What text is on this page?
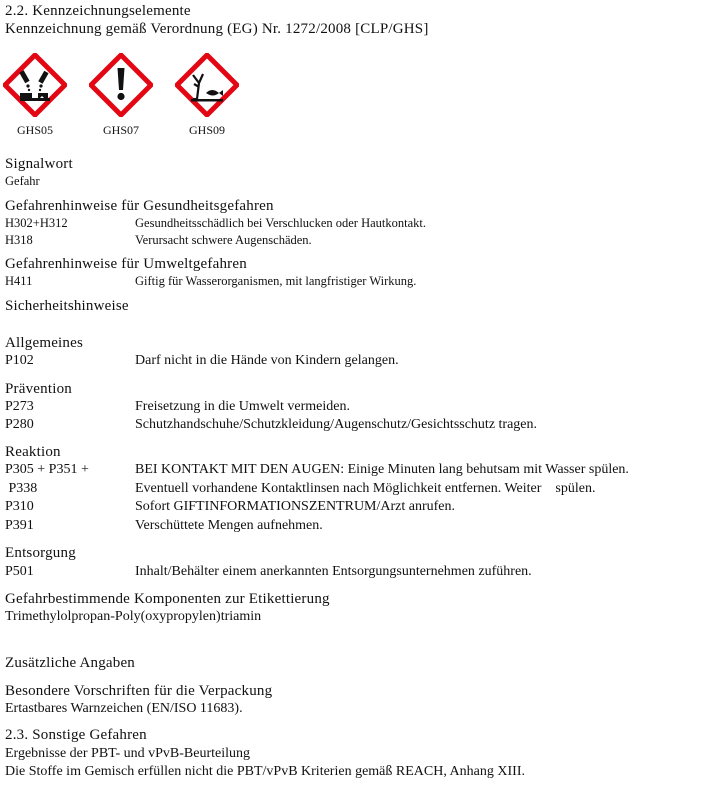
2.2. Kennzeichnungselemente
Kennzeichnung gemäß Verordnung (EG) Nr. 1272/2008 [CLP/GHS]
GHS05	GHS07	GHS09
Signalwort
Gefahr
Gefahrenhinweise für Gesundheitsgefahren
H302+H312	Gesundheitsschädlich bei Verschlucken oder Hautkontakt.
H318	Verursacht schwere Augenschäden.
Gefahrenhinweise für Umweltgefahren
H411	Giftig für Wasserorganismen, mit langfristiger Wirkung.
Sicherheitshinweise
Allgemeines
P102	Darf nicht in die Hände von Kindern gelangen.
Prävention
P273	Freisetzung in die Umwelt vermeiden.
P280	Schutzhandschuhe/Schutzkleidung/Augenschutz/Gesichtsschutz tragen.
Reaktion
P305 + P351 +	BEI KONTAKT MIT DEN AUGEN: Einige Minuten lang behutsam mit Wasser spülen.
P338	Eventuell vorhandene Kontaktlinsen nach Möglichkeit entfernen. Weiter    spülen.
P310	Sofort GIFTINFORMATIONSZENTRUM/Arzt anrufen.
P391	Verschüttete Mengen aufnehmen.
Entsorgung
P501	Inhalt/Behälter einem anerkannten Entsorgungsunternehmen zuführen.
Gefahrbestimmende Komponenten zur Etikettierung
Trimethylolpropan-Poly(oxypropylen)triamin
Zusätzliche Angaben
Besondere Vorschriften für die Verpackung
Ertastbares Warnzeichen (EN/ISO 11683).
2.3. Sonstige Gefahren
Ergebnisse der PBT- und vPvB-Beurteilung
Die Stoffe im Gemisch erfüllen nicht die PBT/vPvB Kriterien gemäß REACH, Anhang XIII.
